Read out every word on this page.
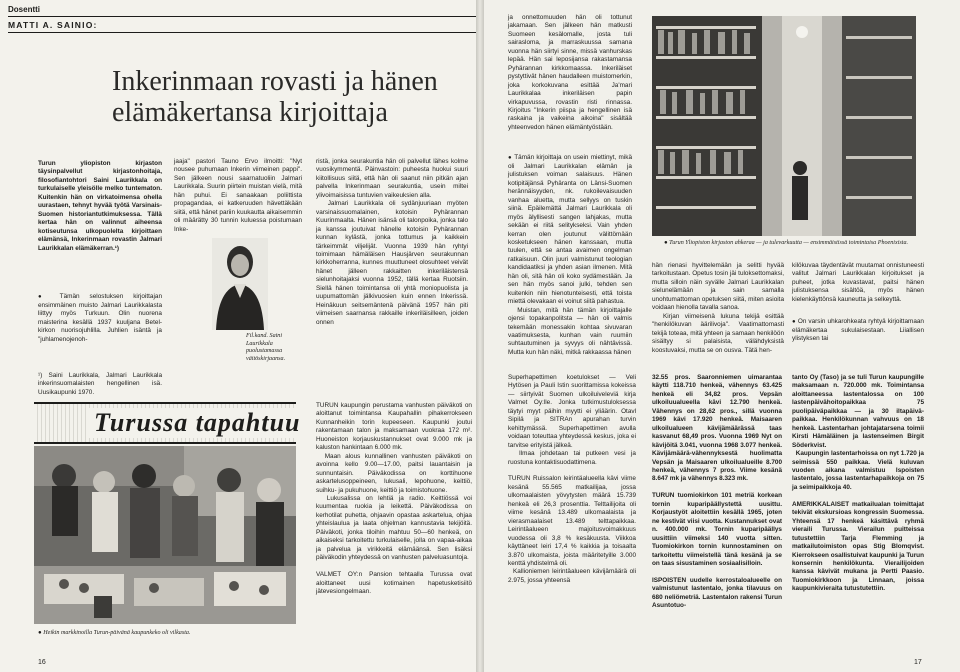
Dosentti
MATTI A. SAINIO:
Inkerinmaan rovasti ja hänen
elämäkertansa kirjoittaja
Turun yliopiston kirjaston täysinpalvellut kirjastonhoitaja, filosofiantohtori Saini Laurikkala on turkulaiselle yleisölle melko tuntematon. Kuitenkin hän on virkatoimensa ohella uurastaen, tehnyt hyvää työtä Varsinais-Suomen historiantutkimuksessa. Tällä kertaa hän on valinnut aiheensa kotiseutunsa ulkopuolelta kirjoittaen elämänsä, Inkerinmaan rovastin Jalmari Laurikkalan elämäkerran.¹)
● Tämän selostuksen kirjoittajan ensimmäinen muisto Jalmari Laurikkalasta liittyy myös Turkuun. Olin nuorena maisterina kesällä 1937 kuuljana Betel-kirkon nuorisojuhlilla. Juhlien isäntä ja "juhlamenojenoh-
¹) Saini Laurikkala, Jalmari Laurikkala inkerinsuomalaisten hengellinen isä. Uusikaupunki 1970.
jaaja" pastori Tauno Ervo ilmoitti: "Nyt nousee puhumaan Inkerin viimeinen pappi". Sen jälkeen nousi saarnatuoliin Jalmari Laurikkala. Suurin piirtein muistan vielä, mitä hän puhui. Ei sanaakaan poliittista propagandaa, ei katkeruuden hävettäkään siitä, että hänet pariin kuukautta aikaisemmin oli määrätty 30 tunnin kuluessa poistumaan Inke-
Fil.kand. Saini Laurikkala puolustamassa väitöskirjaansa.
ristä, jonka seurakuntia hän oli palvellut lähes kolme vuosikymmentä. Päinvastoin: puheesta huokui suuri kiitollisuus siitä, että hän oli saanut niin pitkän ajan palvella Inkerinmaan seurakuntia, usein miltei ylivoimaisissa tuntuvien vaikeuksien alla.
Jalmari Laurikkala oli sydänjuuriaan myöten varsinaissuomalainen, kotoisin Pyhärannan Kuurinmaalta. Hänen isänsä oli talonpoika, jonka talo ja kanssa joutuivat hänelle kotoisin Pyhärannan kunnan kylästä, jonka tottumus ja kaikkein tärkeimmät viljelijät. Vuonna 1939 hän ryhtyi toimimaan hämäläisen Hausjärven seurakunnan kirkkoherranna, kunnes muuttuneet olosuhteet veivät hänet jälleen rakkaitten inkeriläistensä sielunhoitajaksi vuonna 1952, tällä kertaa Ruotsiin. Siellä hänen toimintansa oli yhtä moniopuolista ja uupumattomän jälkivuosien kuin ennen Inkerissä. Heinäkuun seitsemäntenä päivänä 1957 hän piti viimeisen saarnansa rakkaille inkeriläisilleen, joiden onnen
Turussa tapahtuu
● Heikin markkinoilla Turun-päivänä kaupunkeko oli vilkasta.
TURUN kaupungin perustama vanhusten päiväkoti on aloittanut toimintansa Kaupahallin pihakerrokseen Kunnanheikin torin kupeeseen. Kaupunki joutui rakentamaan talon ja maksamaan vuokraa 172 m². Huoneiston korjauskustannukset ovat 9.000 mk ja kaluston hankintaan 6.000 mk.
Maan alous kunnallinen vanhusten päiväkoti on avoinna kello 9.00—17.00, paitsi lauantaisin ja sunnuntaisin. Päiväkodissa on korttihuone askartelusoppeineen, lukusali, lepohuone, keittiö, suihku- ja pukuhuone, keittiö ja toimistohuone.
Lukusalissa on lehtiä ja radio. Keittiössä voi kuumentaa ruokia ja leikettä. Päiväkodissa on kerhotilat puhetta, ohjaavin opastaa askartelua, ohjaa yhteislaulua ja laata ohjelman kannustavia tekijöitä. Päiväkoti, jonka tiloihin mahtuu 50—60 henkeä, on aikaiseksi tarkoitettu turkulaiselle, jolla on vapaa-aikaa ja palvelua ja virikkeitä elämäänsä. Sen lisäksi päiväkodin yhteydessä on vanhusten palveluasuntoja.

VALMET OY:n Pansion tehtaalla Turussa ovat aloittaneet uusi kotimainen hapetusketisiitö jätevesiongelmaan.
16
ja onnettomuuden hän oli tottunut jakamaan. Sen jälkeen hän matkusti Suomeen kesälomalle, josta tuli sairasloma, ja marraskuussa samana vuonna hän siirtyi sinne, missä vanhurskas lepää. Hän sai leposijansa rakastamansa Pyhärannan kirkkomaassa. Inkeriläiset pystyttivät hänen haudalleen muistomerkin, joka korkokuvana esittää Ja'mari Laurikkalaa inkeriläisen papin virkapuvussa, rovastin risti rinnassa. Kirjoitus "Inkerin piispa ja hengellinen isä raskaina ja vaikeina aikoina" sisältää yhteenvedon hänen elämäntyöstään.
● Tämän kirjoittaja on usein miettinyt, mikä oli Jalmari Laurikkalan elämän ja julistuksen voiman salaisuus. Hänen kotipitäjänsä Pyhäranta on Länsi-Suomen herännäisyyden, nk. rukoilevaisuuden vanhaa aluetta, mutta sellyys on tuskin siinä. Epäilemättä Jalmari Laurikkala oli myös älyllisesti sangen lahjakas, mutta sekään ei riitä selitykseksi. Vain yhden kerran olen joutunut välittömään kosketukseen hänen kanssaan, mutta tuulen, että se antaa avaimen ongelman ratkaisuun. Olin juuri valmistunut teologian kandidaatiksi ja yhden asian ilmenen. Mitä hän oli, sitä hän oli koko sydämestään. Ja sen hän myös sanoi julki, tehden sen kuitenkin niin hienotunteisesti, että toista miettä olevakaan ei voinut siitä pahastua.
Muistan, mitä hän tämän kirjoittajalle ojensi topakanpolitsta — hän oli valmis tekemään monessakin kohtaa sivuvaran vaatimuksesta, kunhan vain ruumiin suhtautuminen ja syvyys oli nähtävissä. Mutta kun hän näki, mitkä rakkaassa hänen
● Turun Yliopiston kirjaston ahkeraa — ja tulevarkuutta — ensimmäistissä toimintaisa Phoenixista.
hän rienasi hyvittelemään ja selitti hyvää tarkoitustaan. Opetus tosin jäi tuloksettomaksi, mutta silloin näin syvälle Jalmari Laurikkalan sielunelämään ja sain samalla unohtumattoman opetuksen siitä, miten asioita voidaan hienolla tavalla sanoa.
Kirjan viimeisenä lukuna tekijä esittää "henkilökuvan äärilivoja". Vaatimattomasti tekijä toteaa, mitä yhteen ja samaan henkilöön sisältyy si palaisista, välähdyksistä koostuvaksi, mutta se on ousva. Tätä hen-
kilökuvaa täydentävät muutamat onnistuneesti valitut Jalmari Laurikkalan kirjoitukset ja puheet, jotka kuvastavat, paitsi hänen julistuksensa sisältöä, myös hänen kielenkäyttönsä kauneutta ja selkeyttä.
● On varsin uhkarohkeata ryhtyä kirjoittamaan elämäkertaa sukulaisestaan. Liiallisen ylistyksen tai
Superhapettimen koetulokset — Veli Hytösen ja Pauli Istin suorittamissa kokeissa — siirtyivät Suomen ulkoiluiveleviä kirja Valmet Oy:lle. Jonka tutkimustuloksessa täytyi myyt päihin myytti ei yliäärin. Otavl Sipilä ja SITRAn apurahan turvin kehittymässä. Superhapettimen avulla voidaan toteuttaa yhteydessä keskus, joka ei tarvitse erityistä jälkeä.
Ilmaa johdetaan tai putkeen vesi ja ruostuna kontaktisuodattimena.

TURUN Ruissalon leirintäalueella kävi viime kesänä 55.565 matkailijaa, jossa ulkomaalaisten yövytysten määrä 15.739 henkeä eli 26,3 prosenttia. Telttailijoita oli viime kesänä 13.489 ulkomaalaista ja vierasmaalaiset 13.489 telttapaikkaa. Leirintäalueen majoitusvoimakkuus vuodessa oli 3,8 % kesäkuusta. Viikkoa käyttäneet leiri 17,4 % kaikkia ja toisaalta 3.870 ulkomaista, joista määritetyille 3.000 kenttä yhdistelmä oli.
Kallioniemen leirintäalueen kävijämäärä oli 2.975, jossa yhteensä
32.55 pros. Saaronniemen uimarantaa käytti 118.710 henkeä, vähennys 63.425 henkeä eli 34,82 pros. Vepsän ulkoiluualueella kävi 12.790 henkeä. Vähennys on 28,62 pros., sillä vuonna 1969 kävi 17.920 henkeä. Maisaaren ulkoilualueen kävijämäärässä taas kasvanut 68,49 pros. Vuonna 1969 Nyt on kävijöitä 3.041, vuonna 1968 3.077 henkeä. Kävijämäärä-vähennyksestä huolimatta Vepsän ja Maisaaren ulkoilualueille 8.700 henkeä, vähennys 7 pros. Viime kesänä 8.647 mk ja vähennys 8.323 mk.

TURUN tuomiokirkon 101 metriä korkean tornin kuparipäällystettä uusittu. Korjaustyöt aloitettiin kesällä 1965, joten ne kestivät viisi vuotta. Kustannukset ovat n. 400.000 mk. Tornin kuparipäällys uusittiin viimeksi 140 vuotta sitten. Tuomiokirkon tornin kunnostaminen on tarkoitettu viimeistellä tänä kesänä ja se on taas sisustaminen sosiaalisilloin.

ISPOISTEN uudelle kerrostaloalueelle on valmistunut lastentalo, jonka tilavuus on 680 neliömetriä. Lastentalon rakensi Turun Asuntotuo-
tanto Oy (Taso) ja se tuli Turun kaupungille maksamaan n. 720.000 mk. Toimintansa aloittaneessa lastentalossa on 100 lastenpäivähoitopaikkaa 75 puolipäiväpaikkaa — ja 30 iltapäivä-paikkaa. Henkilökunnan vahvuus on 18 henkeä. Lastentarhan johtajatarsena toimii Kirsti Hämäläinen ja lastenseimen Birgit Söderkvist.
Kaupungin lastentarhoissa on nyt 1.720 ja seimissä 550 paikkaa. Vielä kuluvan vuoden aikana valmistuu Ispoisten lastentalo, jossa lastentarhapaikkoja on 75 ja seimipaikkoja 40.

AMERIKKALAISET matkailualan toimittajat tekivät ekskursioas kongressin Suomessa. Yhteensä 17 henkeä käsittävä ryhmä vieraili Turussa. Vierailun puitteissa tutustettiin Tarja Flemming ja matkailutoimiston opas Stig Blomqvist. Kierrokseen osallistuivat kaupunki ja Turun konsernin henkilökunta. Vierailijoiden kanssa kävivät mukana ja Pertti Paasio. Tuomiokirkkoon ja Linnaan, joissa kaupunkivieraita tutustutettiin.
17
